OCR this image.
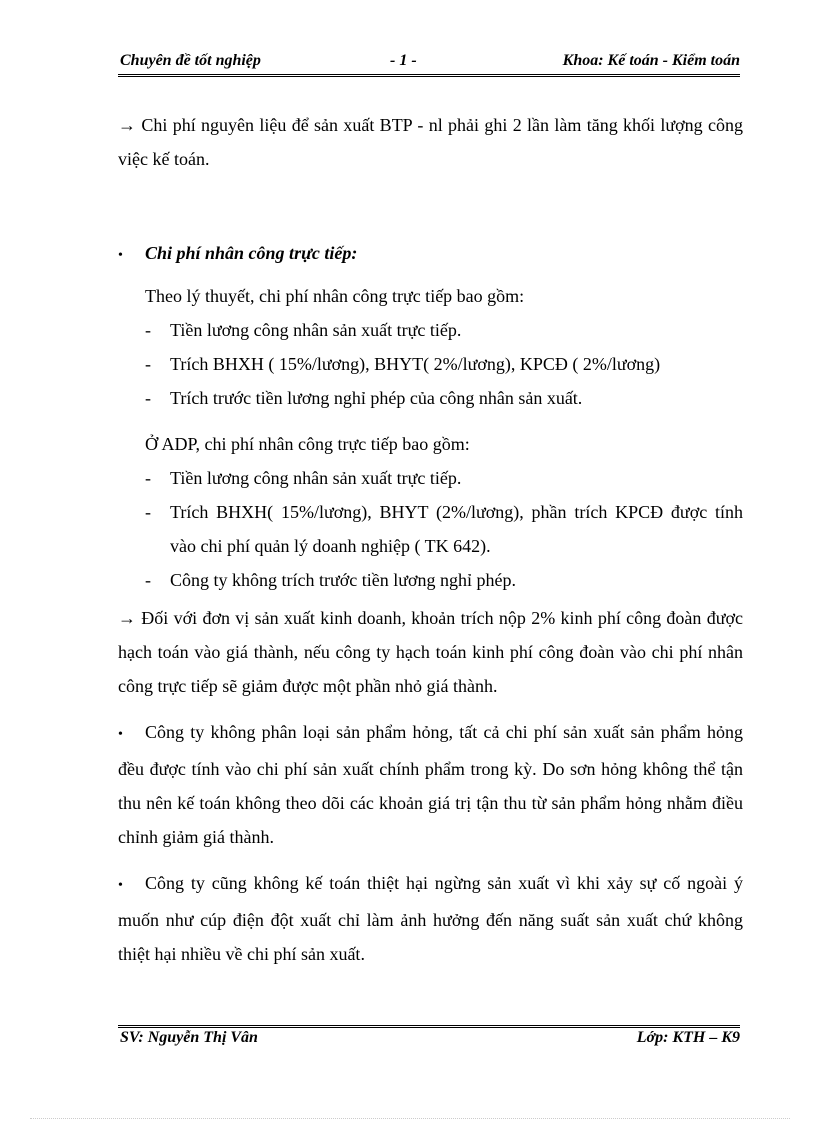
Chuyên đề tốt nghiệp	- 1 -	Khoa: Kế toán - Kiểm toán

→ Chi phí nguyên liệu để sản xuất BTP - nl phải ghi 2 lần làm tăng khối lượng công việc kế toán.

•	Chi phí nhân công trực tiếp:

Theo lý thuyết, chi phí nhân công trực tiếp bao gồm:

-	Tiền lương công nhân sản xuất trực tiếp.
-	Trích BHXH ( 15%/lương), BHYT( 2%/lương), KPCĐ ( 2%/lương)
-	Trích trước tiền lương nghỉ phép của công nhân sản xuất.

Ở ADP, chi phí nhân công trực tiếp bao gồm:

-	Tiền lương công nhân sản xuất trực tiếp.
-	Trích BHXH( 15%/lương), BHYT (2%/lương), phần trích KPCĐ được tính vào chi phí quản lý doanh nghiệp ( TK 642).
-	Công ty không trích trước tiền lương nghỉ phép.

→ Đối với đơn vị sản xuất kinh doanh, khoản trích nộp 2% kinh phí công đoàn được hạch toán vào giá thành, nếu công ty hạch toán kinh phí công đoàn vào chi phí nhân công trực tiếp sẽ giảm được một phần nhỏ giá thành.

• Công ty không phân loại sản phẩm hỏng, tất cả chi phí sản xuất sản phẩm hỏng đều được tính vào chi phí sản xuất chính phẩm trong kỳ. Do sơn hỏng không thể tận thu nên kế toán không theo dõi các khoản giá trị tận thu từ sản phẩm hỏng nhằm điều chỉnh giảm giá thành.

• Công ty cũng không kế toán thiệt hại ngừng sản xuất vì khi xảy sự cố ngoài ý muốn như cúp điện đột xuất chỉ làm ảnh hưởng đến năng suất sản xuất chứ không thiệt hại nhiều về chi phí sản xuất.

SV: Nguyễn Thị Vân	Lớp: KTH – K9
